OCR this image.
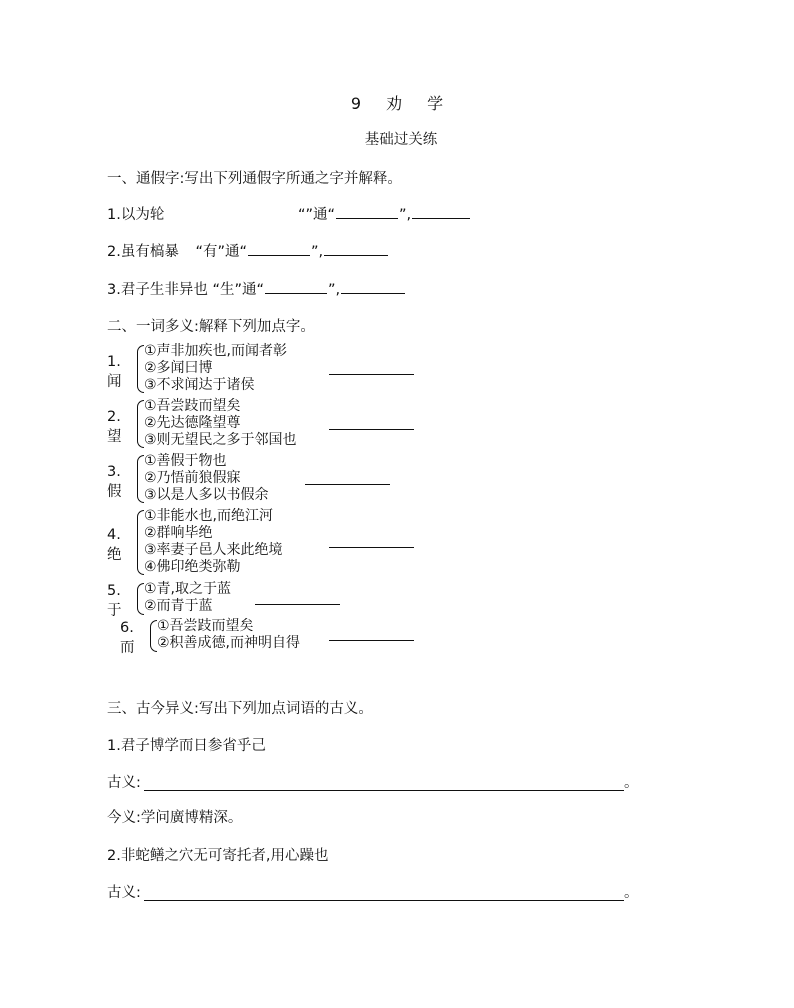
9 劝 学
基础过关练
一、通假字:写出下列通假字所通之字并解释。
1.以为轮	“”通“	”,
2.虽有槁暴 “有”通“	”,
3.君子生非异也 “生”通“	”,
二、一词多义:解释下列加点字。
1.闻
①声非加疾也,而闻者彰
②多闻曰博
③不求闻达于诸侯
2.望
①吾尝跂而望矣
②先达德隆望尊
③则无望民之多于邻国也
3.假
①善假于物也
②乃悟前狼假寐
③以是人多以书假余
4.绝
①非能水也,而绝江河
②群响毕绝
③率妻子邑人来此绝境
④佛印绝类弥勒
5.于
①青,取之于蓝
②而青于蓝
6.而
①吾尝跂而望矣
②积善成德,而神明自得
三、古今异义:写出下列加点词语的古义。
1.君子博学而日参省乎己
古义:	。
今义:学问廣博精深。
2.非蛇鳝之穴无可寄托者,用心躁也
古义:	。
